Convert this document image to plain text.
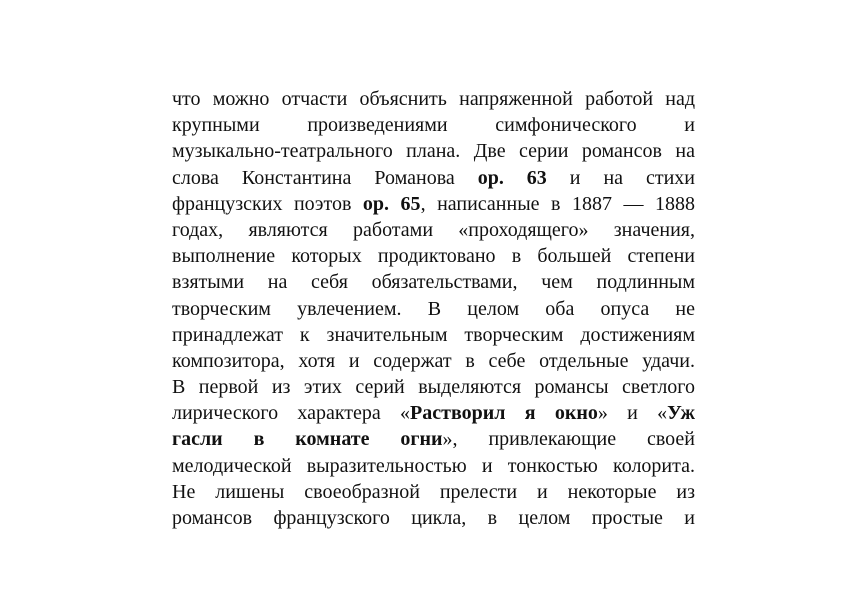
что можно отчасти объяснить напряженной работой над
крупными произведениями симфонического и
музыкально-театрального плана. Две серии романсов на
слова Константина Романова ор. 63 и на стихи
французских поэтов ор. 65, написанные в 1887 — 1888
годах, являются работами «проходящего» значения,
выполнение которых продиктовано в большей степени
взятыми на себя обязательствами, чем подлинным
творческим увлечением. В целом оба опуса не
принадлежат к значительным творческим достижениям
композитора, хотя и содержат в себе отдельные удачи.
В первой из этих серий выделяются романсы светлого
лирического характера «Растворил я окно» и «Уж
гасли в комнате огни», привлекающие своей
мелодической выразительностью и тонкостью колорита.
Не лишены своеобразной прелести и некоторые из
романсов французского цикла, в целом простые и
